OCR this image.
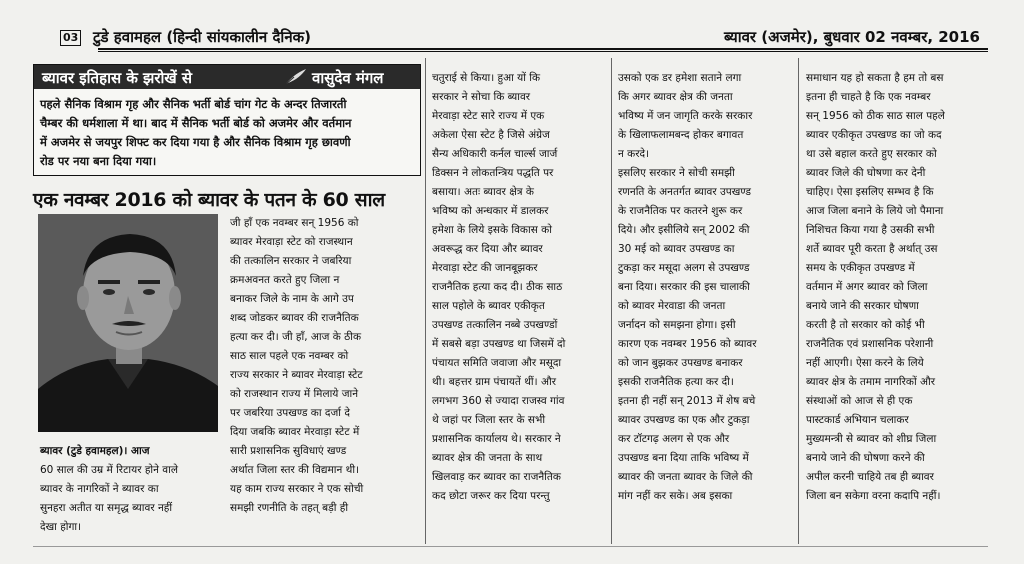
03 टुडे हवामहल (हिन्दी सांयकालीन दैनिक)	ब्यावर (अजमेर), बुधवार 02 नवम्बर, 2016
ब्यावर इतिहास के झरोखें से	वासुदेव मंगल
पहले सैनिक विश्राम गृह और सैनिक भर्ती बोर्ड चांग गेट के अन्दर तिजारती
चैम्बर की धर्मशाला में था। बाद में सैनिक भर्ती बोर्ड को अजमेर और वर्तमान
में अजमेर से जयपुर शिफ्ट कर दिया गया है और सैनिक विश्राम गृह छावणी
रोड पर नया बना दिया गया।
एक नवम्बर 2016 को ब्यावर के पतन के 60 साल
ब्यावर (टुडे हवामहल)। आज
60 साल की उम्र में रिटायर होने वाले
ब्यावर के नागरिकों ने ब्यावर का
सुनहरा अतीत या समृद्ध ब्यावर नहीं
देखा होगा।
जी हाँ एक नवम्बर सन् 1956 को
ब्यावर मेरवाड़ा स्टेट को राजस्थान
की तत्कालिन सरकार ने जबरिया
क्रमअवनत करते हुए जिला न
बनाकर जिले के नाम के आगे उप
शब्द जोडकर ब्यावर की राजनैतिक
हत्या कर दी। जी हाँ, आज के ठीक
साठ साल पहले एक नवम्बर को
राज्य सरकार ने ब्यावर मेरवाड़ा स्टेट
को राजस्थान राज्य में मिलाये जाने
पर जबरिया उपखण्ड का दर्जा दे
दिया जबकि ब्यावर मेरवाड़ा स्टेट में
सारी प्रशासनिक सुविधाएं खण्ड
अर्थात जिला स्तर की विद्यमान थी।
यह काम राज्य सरकार ने एक सोची
समझी रणनीति के तहत् बड़ी ही
चतुराई से किया। हुआ यों कि
सरकार ने सोचा कि ब्यावर
मेरवाड़ा स्टेट सारे राज्य में एक
अकेला ऐसा स्टेट है जिसे अंग्रेज
सैन्य अधिकारी कर्नल चार्ल्स जार्ज
डिक्सन ने लोकतन्त्रिय पद्धति पर
बसाया। अतः ब्यावर क्षेत्र के
भविष्य को अन्धकार में डालकर
हमेशा के लिये इसके विकास को
अवरूद्ध कर दिया और ब्यावर
मेरवाड़ा स्टेट की जानबूझकर
राजनैतिक हत्या कद दी। ठीक साठ
साल पहोले के ब्यावर एकीकृत
उपखण्ड तत्कालिन नब्बे उपखण्डों
में सबसे बड़ा उपखण्ड था जिसमें दो
पंचायत समिति जवाजा और मसूदा
थी। बहत्तर ग्राम पंचायतें थीं। और
लगभग 360 से ज्यादा राजस्व गांव
थे जहां पर जिला स्तर के सभी
प्रशासनिक कार्यालय थे। सरकार ने
ब्यावर क्षेत्र की जनता के साथ
खिलवाड़ कर ब्यावर का राजनैतिक
कद छोटा जरूर कर दिया परन्तु
उसको एक डर हमेशा सताने लगा
कि अगर ब्यावर क्षेत्र की जनता
भविष्य में जन जागृति करके सरकार
के खिलाफलामबन्द होकर बगावत
न करदे।
इसलिए सरकार ने सोची समझी
रणनति के अनतर्गत ब्यावर उपखण्ड
के राजनैतिक पर कतरने शुरू कर
दिये। और इसीलिये सन् 2002 की
30 मई को ब्यावर उपखण्ड का
टुकड़ा कर मसूदा अलग से उपखण्ड
बना दिया। सरकार की इस चालाकी
को ब्यावर मेरवाडा की जनता
जर्नादन को समझना होगा। इसी
कारण एक नवम्बर 1956 को ब्यावर
को जान बुझकर उपखण्ड बनाकर
इसकी राजनैतिक हत्या कर दी।
इतना ही नहीं सन् 2013 में शेष बचे
ब्यावर उपखण्ड का एक और टुकड़ा
कर टॉटगढ़ अलग से एक और
उपखण्ड बना दिया ताकि भविष्य में
ब्यावर की जनता ब्यावर के जिले की
मांग नहीं कर सके। अब इसका
समाधान यह हो सकता है हम तो बस
इतना ही चाहते है कि एक नवम्बर
सन् 1956 को ठीक साठ साल पहले
ब्यावर एकीकृत उपखण्ड का जो कद
था उसे बहाल करते हुए सरकार को
ब्यावर जिले की घोषणा कर देनी
चाहिए। ऐसा इसलिए सम्भव है कि
आज जिला बनाने के लिये जो पैमाना
निशिचत किया गया है उसकी सभी
शर्ते ब्यावर पूरी करता है अर्थात् उस
समय के एकीकृत उपखण्ड में
वर्तमान में अगर ब्यावर को जिला
बनाये जाने की सरकार घोषणा
करती है तो सरकार को कोई भी
राजनैतिक एवं प्रशासनिक परेशानी
नहीं आएगी। ऐसा करने के लिये
ब्यावर क्षेत्र के तमाम नागरिकों और
संस्थाओं को आज से ही एक
पास्टकार्ड अभियान चलाकर
मुख्यमन्त्री से ब्यावर को शीघ्र जिला
बनाये जाने की घोषणा करने की
अपील करनी चाहिये तब ही ब्यावर
जिला बन सकेगा वरना कदापि नहीं।
